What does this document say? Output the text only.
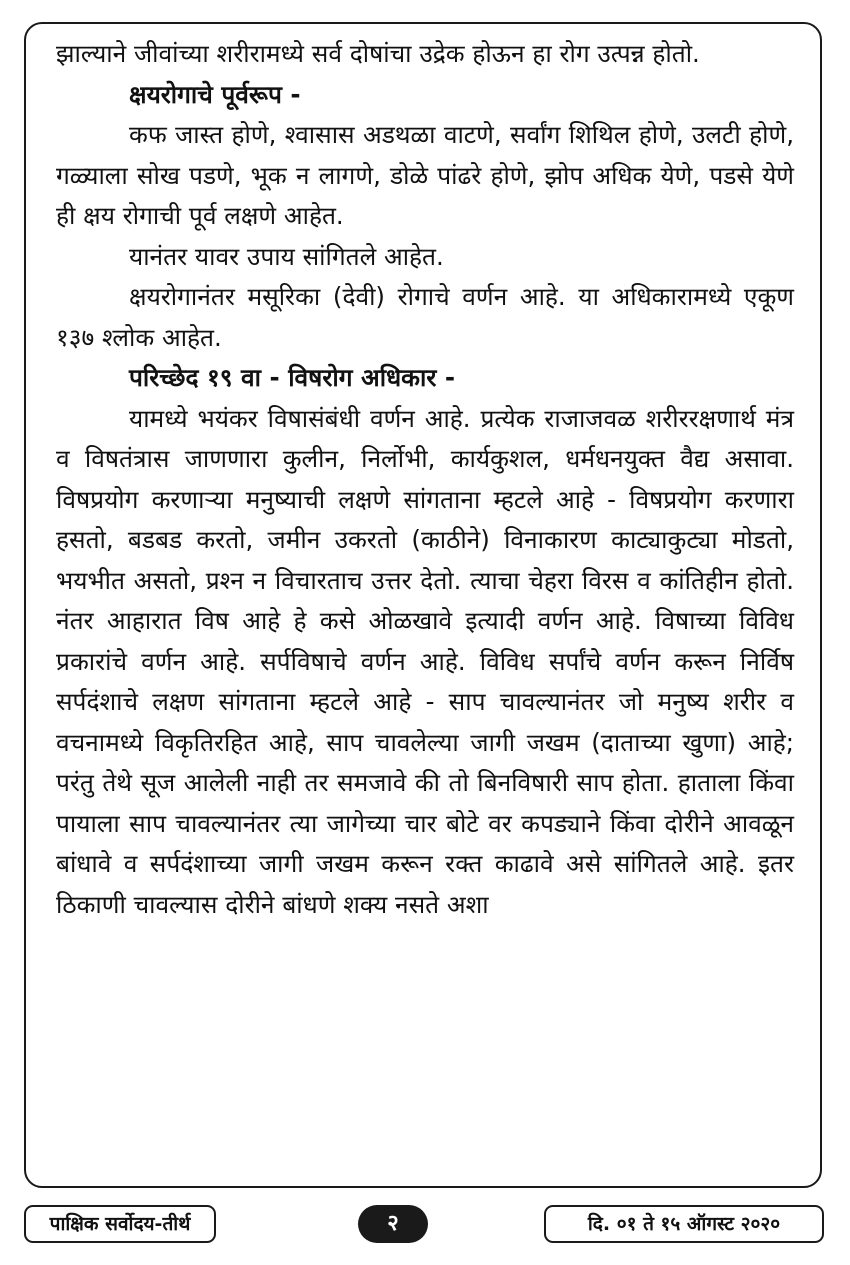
झाल्याने जीवांच्या शरीरामध्ये सर्व दोषांचा उद्रेक होऊन हा रोग उत्पन्न होतो.

क्षयरोगाचे पूर्वरूप -

कफ जास्त होणे, श्‍वासास अडथळा वाटणे, सर्वांग शिथिल होणे, उलटी होणे, गळ्याला सोख पडणे, भूक न लागणे, डोळे पांढरे होणे, झोप अधिक येणे, पडसे येणे ही क्षय रोगाची पूर्व लक्षणे आहेत.

यानंतर यावर उपाय सांगितले आहेत.

क्षयरोगानंतर मसूरिका (देवी) रोगाचे वर्णन आहे. या अधिकारामध्ये एकूण १३७ श्‍लोक आहेत.

परिच्छेद १९ वा - विषरोग अधिकार -

यामध्ये भयंकर विषासंबंधी वर्णन आहे. प्रत्येक राजाजवळ शरीररक्षणार्थ मंत्र व विषतंत्रास जाणणारा कुलीन, निर्लोभी, कार्यकुशल, धर्मधनयुक्त वैद्य असावा. विषप्रयोग करणाऱ्या मनुष्याची लक्षणे सांगताना म्हटले आहे - विषप्रयोग करणारा हसतो, बडबड करतो, जमीन उकरतो (काठीने) विनाकारण काट्याकुट्या मोडतो, भयभीत असतो, प्रश्‍न न विचारताच उत्तर देतो. त्याचा चेहरा विरस व कांतिहीन होतो. नंतर आहारात विष आहे हे कसे ओळखावे इत्यादी वर्णन आहे. विषाच्या विविध प्रकारांचे वर्णन आहे. सर्पविषाचे वर्णन आहे. विविध सर्पांचे वर्णन करून निर्विष सर्पदंशाचे लक्षण सांगताना म्हटले आहे - साप चावल्यानंतर जो मनुष्य शरीर व वचनामध्ये विकृतिरहित आहे, साप चावलेल्या जागी जखम (दाताच्या खुणा) आहे; परंतु तेथे सूज आलेली नाही तर समजावे की तो बिनविषारी साप होता. हाताला किंवा पायाला साप चावल्यानंतर त्या जागेच्या चार बोटे वर कपड्याने किंवा दोरीने आवळून बांधावे व सर्पदंशाच्या जागी जखम करून रक्त काढावे असे सांगितले आहे. इतर ठिकाणी चावल्यास दोरीने बांधणे शक्य नसते अशा

पाक्षिक सर्वोदय-तीर्थ	२	दि. ०१ ते १५ ऑगस्ट २०२०
